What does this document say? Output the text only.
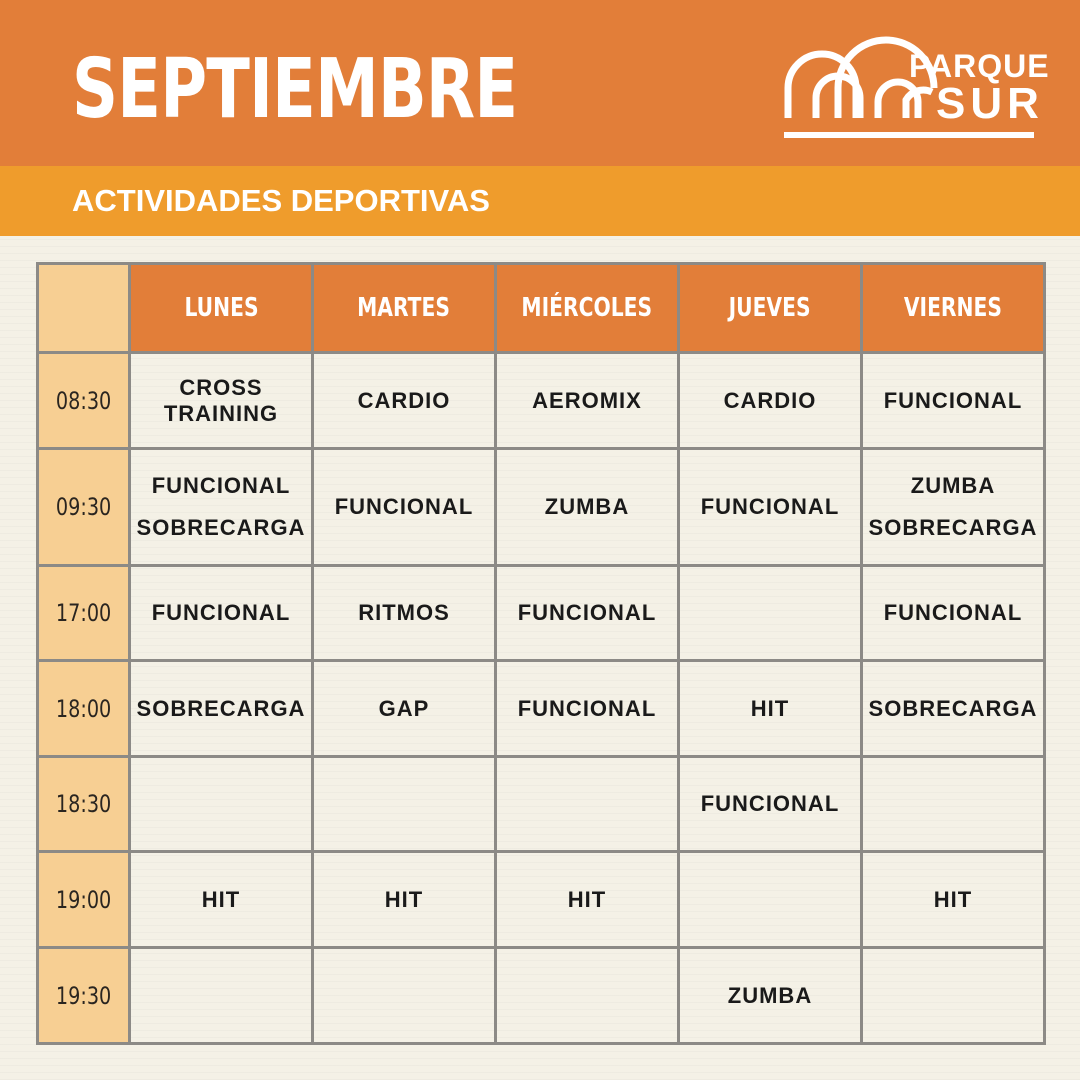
SEPTIEMBRE	PARQUE
SUR
ACTIVIDADES DEPORTIVAS
	LUNES	MARTES	MIÉRCOLES	JUEVES	VIERNES
08:30	CROSS
TRAINING	CARDIO	AEROMIX	CARDIO	FUNCIONAL
09:30	FUNCIONAL
SOBRECARGA	FUNCIONAL	ZUMBA	FUNCIONAL	ZUMBA
SOBRECARGA
17:00	FUNCIONAL	RITMOS	FUNCIONAL		FUNCIONAL
18:00	SOBRECARGA	GAP	FUNCIONAL	HIT	SOBRECARGA
18:30				FUNCIONAL	
19:00	HIT	HIT	HIT		HIT
19:30				ZUMBA	
